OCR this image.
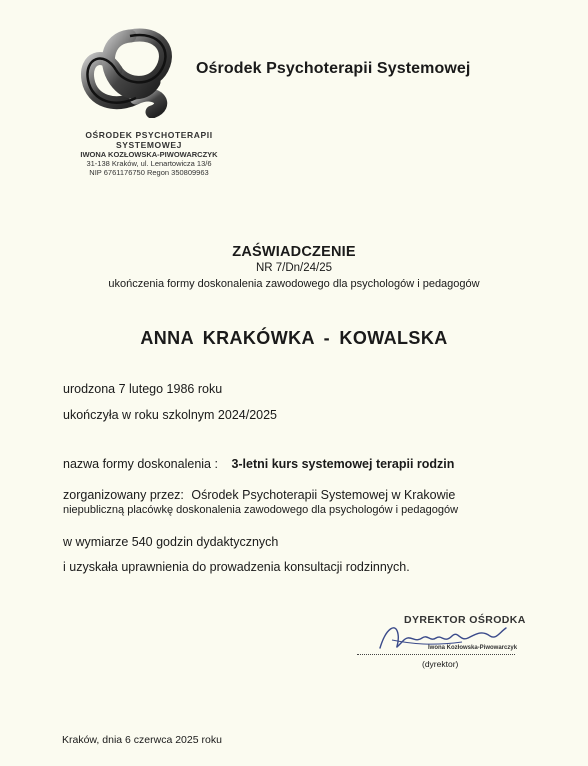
Ośrodek Psychoterapii Systemowej
OŚRODEK PSYCHOTERAPII
SYSTEMOWEJ
IWONA KOZŁOWSKA-PIWOWARCZYK
31-138 Kraków, ul. Lenartowicza 13/6
NIP 6761176750 Regon 350809963
ZAŚWIADCZENIE
NR 7/Dn/24/25
ukończenia formy doskonalenia zawodowego dla psychologów i pedagogów
ANNA KRAKÓWKA - KOWALSKA
urodzona 7 lutego 1986 roku
ukończyła w roku szkolnym 2024/2025
nazwa formy doskonalenia : 3-letni kurs systemowej terapii rodzin
zorganizowany przez: Ośrodek Psychoterapii Systemowej w Krakowie
niepubliczną placówkę doskonalenia zawodowego dla psychologów i pedagogów
w wymiarze 540 godzin dydaktycznych
i uzyskała uprawnienia do prowadzenia konsultacji rodzinnych.
DYREKTOR OŚRODKA
Iwona Kozłowska-Piwowarczyk
(dyrektor)
Kraków, dnia 6 czerwca 2025 roku
